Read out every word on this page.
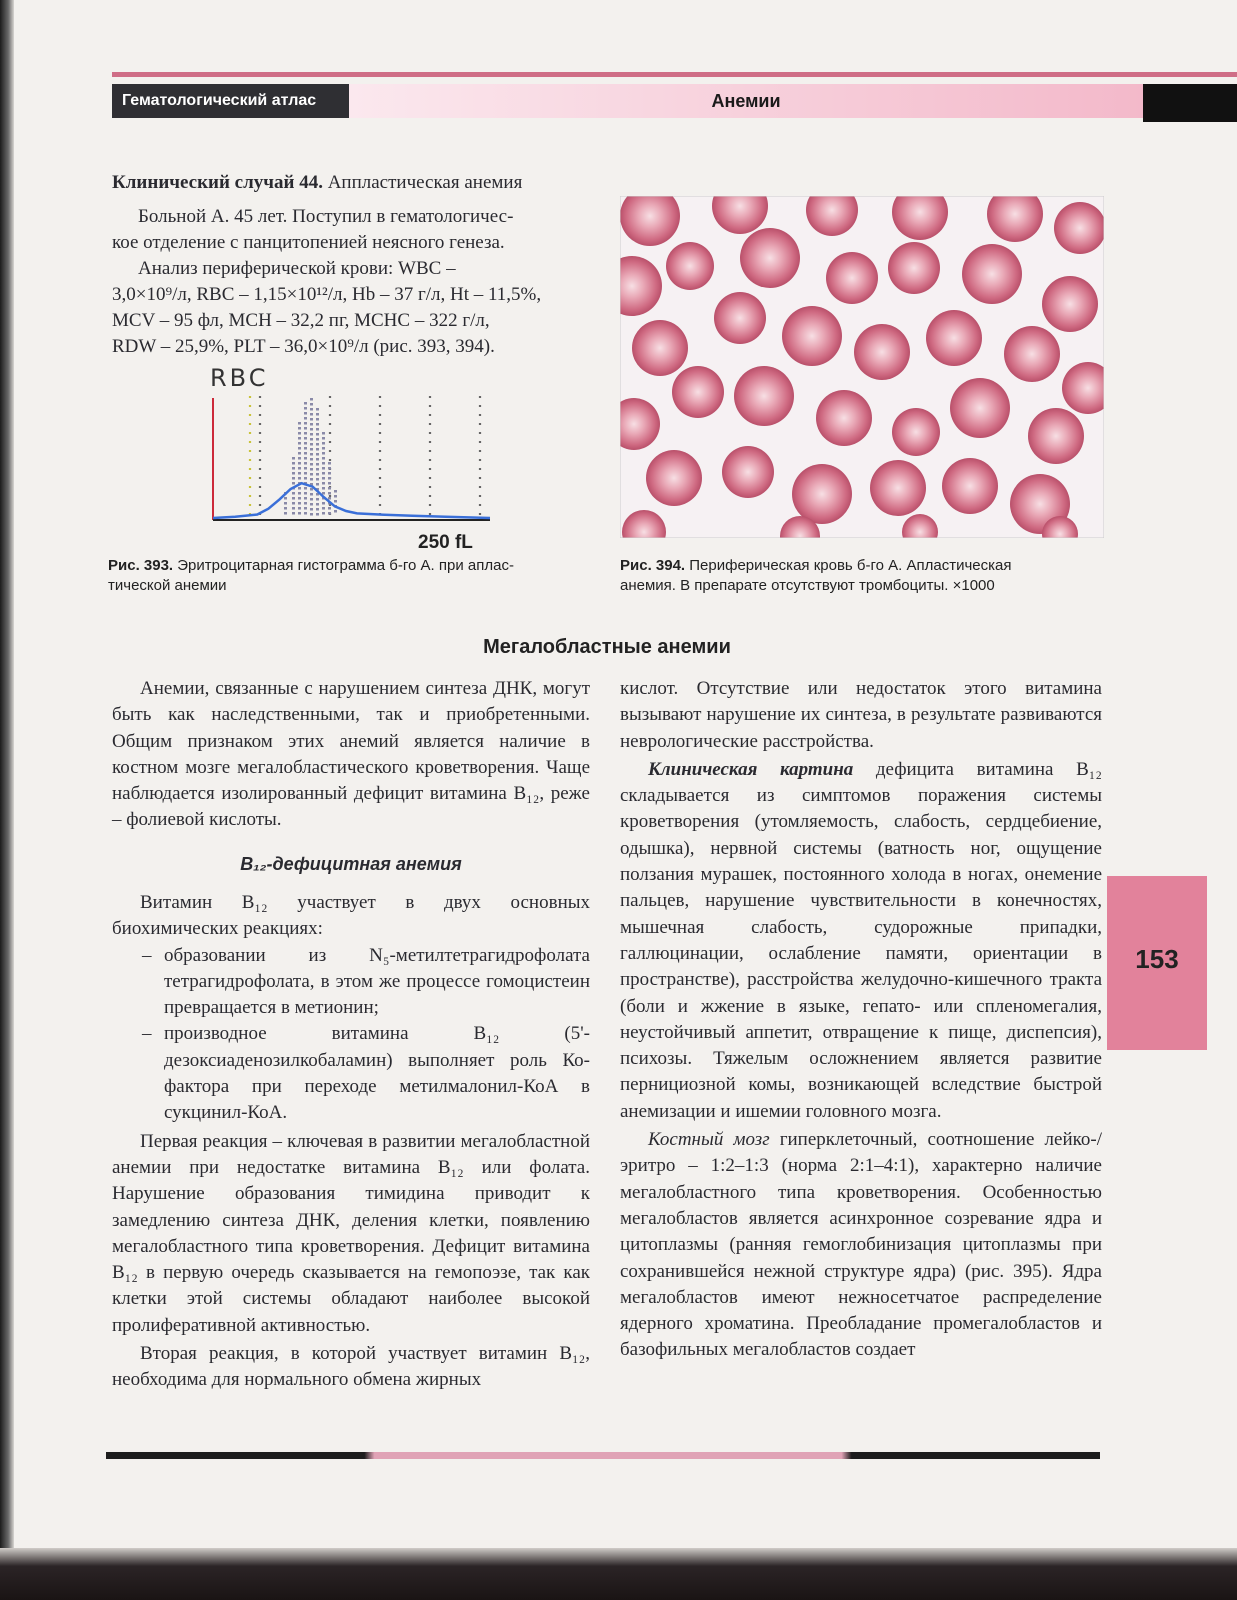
Гематологический атлас	Анемии
Клинический случай 44. Аппластическая анемия
Больной А. 45 лет. Поступил в гематологичес-
кое отделение с панцитопенией неясного генеза.
Анализ периферической крови: WBC –
3,0×10⁹/л, RBC – 1,15×10¹²/л, Hb – 37 г/л, Ht – 11,5%,
MCV – 95 фл, MCH – 32,2 пг, MCHC – 322 г/л,
RDW – 25,9%, PLT – 36,0×10⁹/л (рис. 393, 394).
RBC
250 fL
Рис. 393. Эритроцитарная гистограмма б-го А. при аплас-
тической анемии
Рис. 394. Периферическая кровь б-го А. Апластическая
анемия. В препарате отсутствуют тромбоциты. ×1000
Мегалобластные анемии

Анемии, связанные с нарушением синтеза ДНК, могут быть как наследственными, так и приобретенными. Общим признаком этих анемий является наличие в костном мозге мегалобластического кроветворения. Чаще наблюдается изолированный дефицит витамина B₁₂, реже – фолиевой кислоты.

B₁₂-дефицитная анемия

Витамин B₁₂ участвует в двух основных биохимических реакциях:

– образовании из N₅-метилтетрагидрофолата тетрагидрофолата, в этом же процессе гомоцистеин превращается в метионин;
– производное витамина B₁₂ (5'-дезоксиаденозилкобаламин) выполняет роль Ко-фактора при переходе метилмалонил-КоА в сукцинил-КоА.

Первая реакция – ключевая в развитии мегалобластной анемии при недостатке витамина B₁₂ или фолата. Нарушение образования тимидина приводит к замедлению синтеза ДНК, деления клетки, появлению мегалобластного типа кроветворения. Дефицит витамина B₁₂ в первую очередь сказывается на гемопоэзе, так как клетки этой системы обладают наиболее высокой пролиферативной активностью.

Вторая реакция, в которой участвует витамин B₁₂, необходима для нормального обмена жирных

кислот. Отсутствие или недостаток этого витамина вызывают нарушение их синтеза, в результате развиваются неврологические расстройства.

Клиническая картина дефицита витамина B₁₂ складывается из симптомов поражения системы кроветворения (утомляемость, слабость, сердцебиение, одышка), нервной системы (ватность ног, ощущение ползания мурашек, постоянного холода в ногах, онемение пальцев, нарушение чувствительности в конечностях, мышечная слабость, судорожные припадки, галлюцинации, ослабление памяти, ориентации в пространстве), расстройства желудочно-кишечного тракта (боли и жжение в языке, гепато- или спленомегалия, неустойчивый аппетит, отвращение к пище, диспепсия), психозы. Тяжелым осложнением является развитие пернициозной комы, возникающей вследствие быстрой анемизации и ишемии головного мозга.

Костный мозг гиперклеточный, соотношение лейко-/эритро – 1:2–1:3 (норма 2:1–4:1), характерно наличие мегалобластного типа кроветворения. Особенностью мегалобластов является асинхронное созревание ядра и цитоплазмы (ранняя гемоглобинизация цитоплазмы при сохранившейся нежной структуре ядра) (рис. 395). Ядра мегалобластов имеют нежносетчатое распределение ядерного хроматина. Преобладание промегалобластов и базофильных мегалобластов создает

153
